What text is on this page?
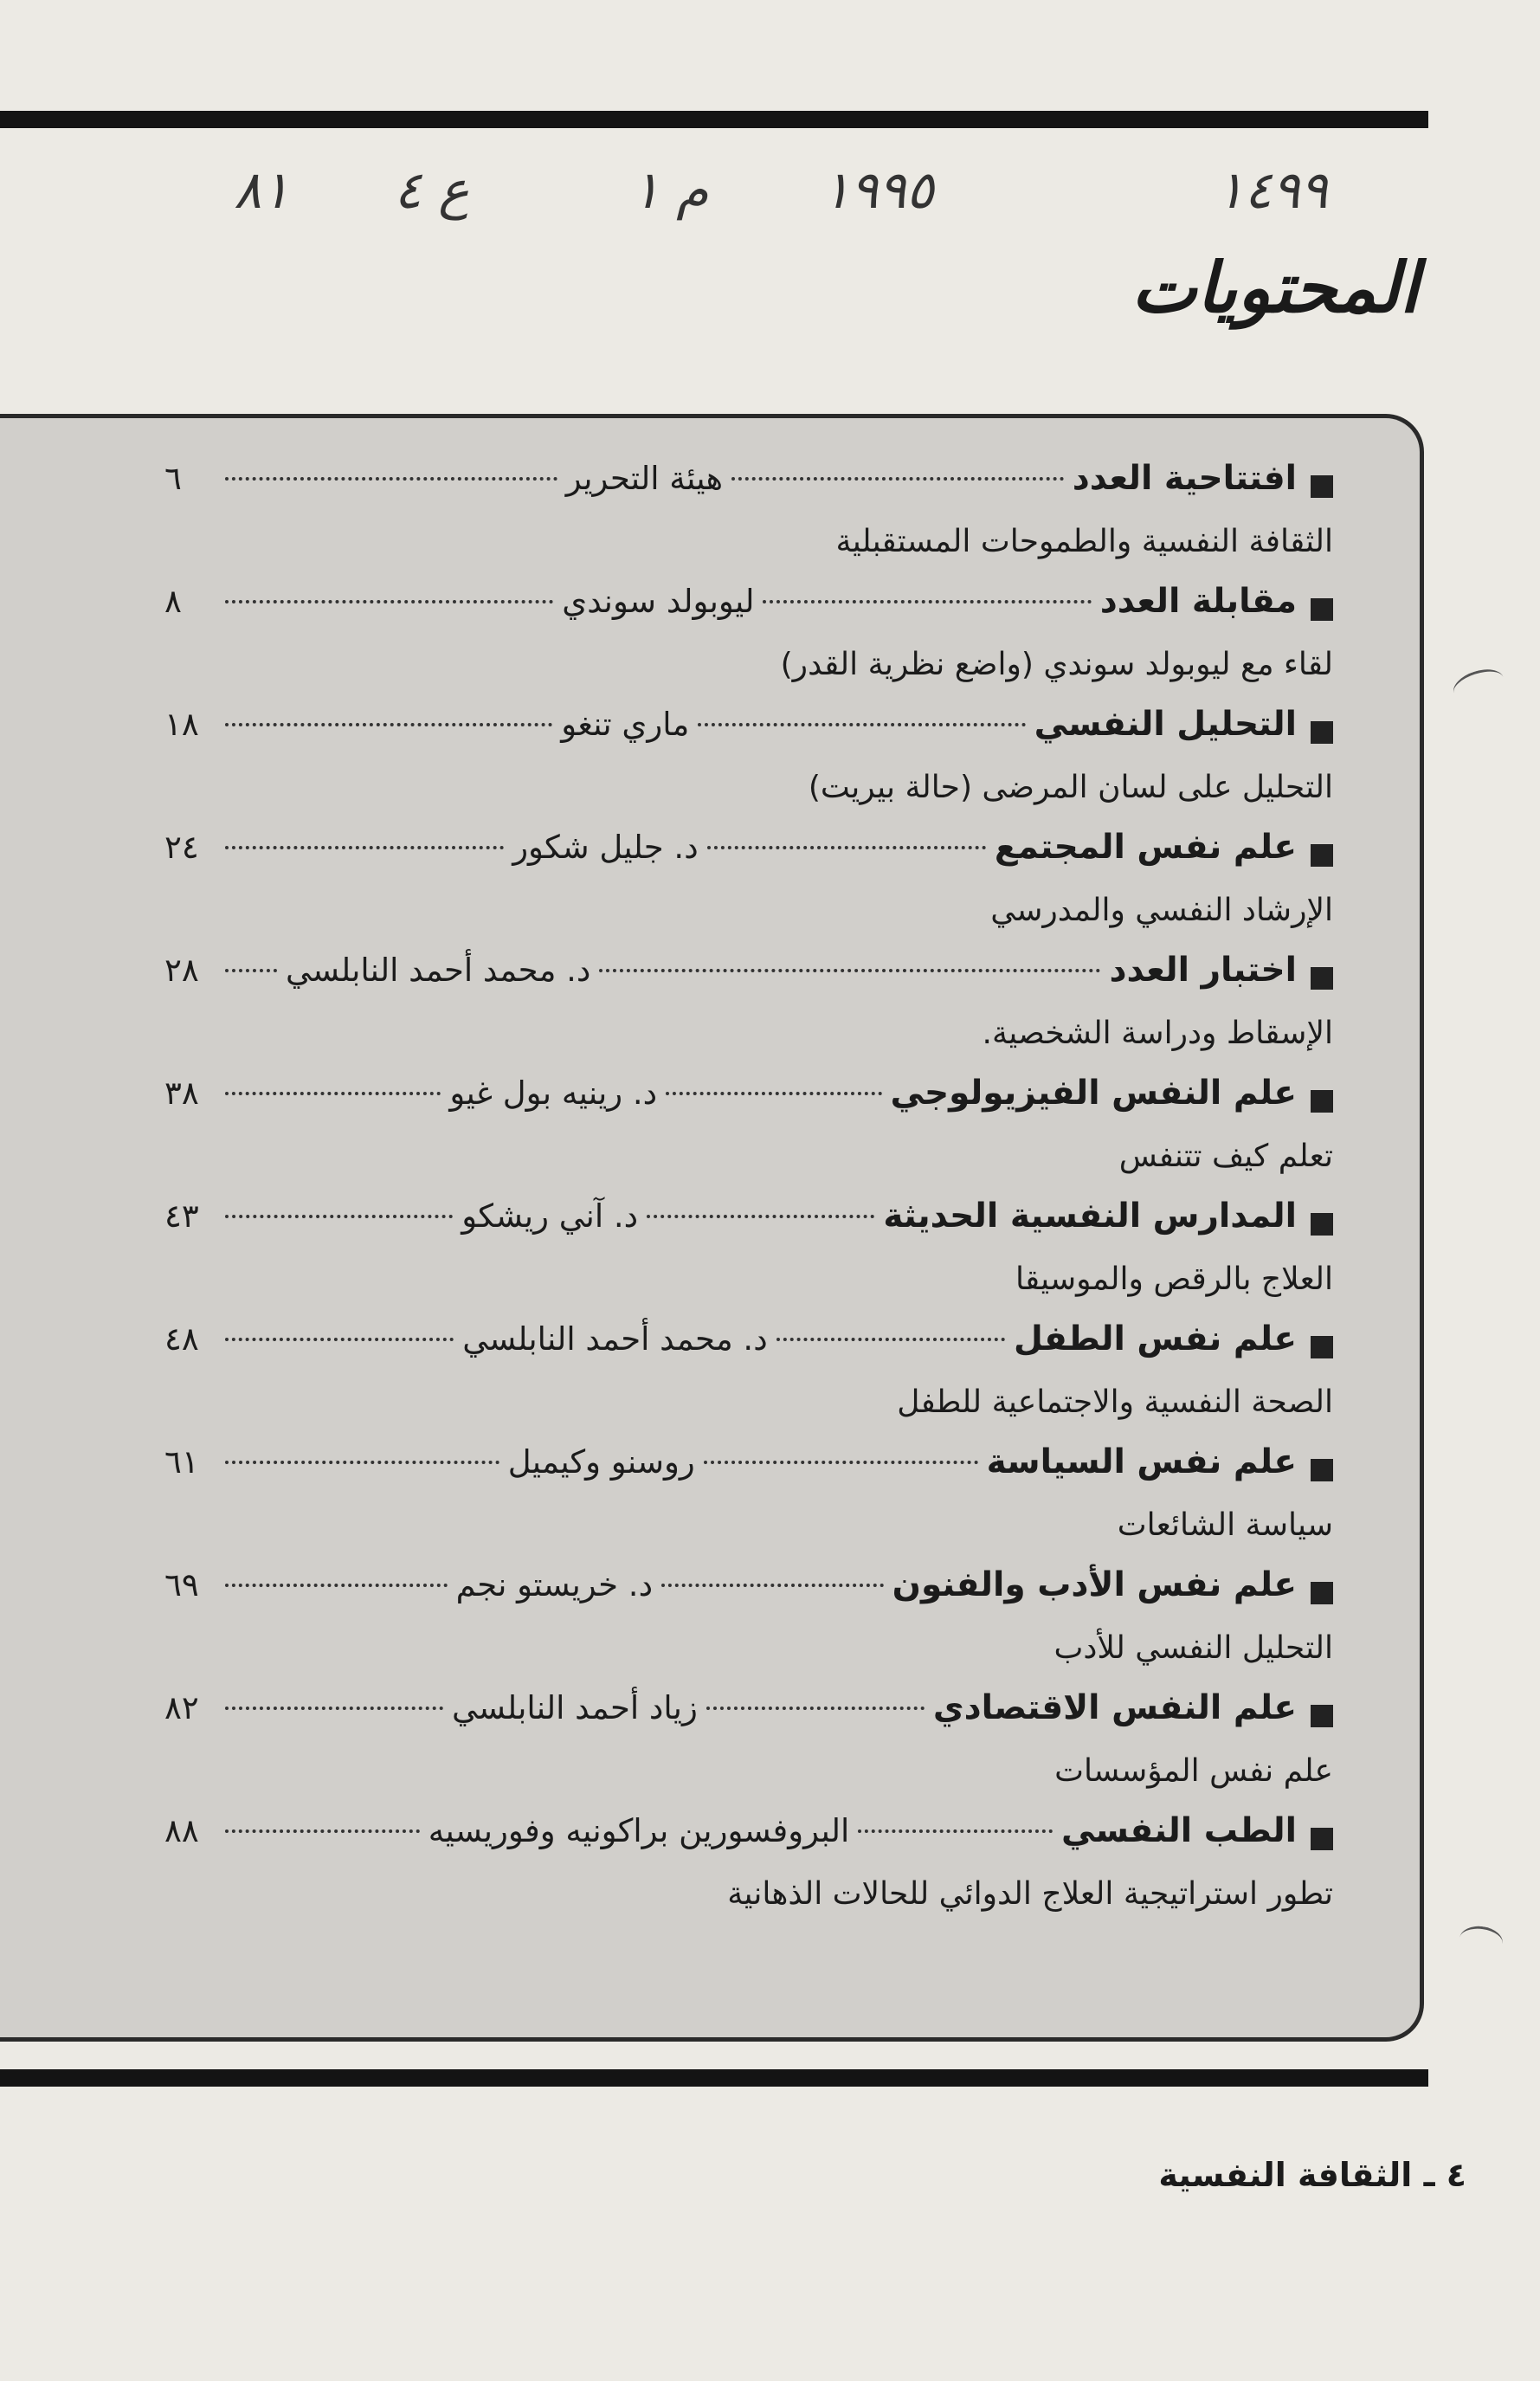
١٤٩٩
١٩٩٥
م ١
ع ٤
٨١
المحتويات
افتتاحية العدد
هيئة التحرير
٦
الثقافة النفسية والطموحات المستقبلية
مقابلة العدد
ليوبولد سوندي
٨
لقاء مع ليوبولد سوندي (واضع نظرية القدر)
التحليل النفسي
ماري تنغو
١٨
التحليل على لسان المرضى (حالة بيريت)
علم نفس المجتمع
د. جليل شكور
٢٤
الإرشاد النفسي والمدرسي
اختبار العدد
د. محمد أحمد النابلسي
٢٨
الإسقاط ودراسة الشخصية.
علم النفس الفيزيولوجي
د. رينيه بول غيو
٣٨
تعلم كيف تتنفس
المدارس النفسية الحديثة
د. آني ريشكو
٤٣
العلاج بالرقص والموسيقا
علم نفس الطفل
د. محمد أحمد النابلسي
٤٨
الصحة النفسية والاجتماعية للطفل
علم نفس السياسة
روسنو وكيميل
٦١
سياسة الشائعات
علم نفس الأدب والفنون
د. خريستو نجم
٦٩
التحليل النفسي للأدب
علم النفس الاقتصادي
زياد أحمد النابلسي
٨٢
علم نفس المؤسسات
الطب النفسي
البروفسورين براكونيه وفوريسيه
٨٨
تطور استراتيجية العلاج الدوائي للحالات الذهانية
٤ ـ الثقافة النفسية
